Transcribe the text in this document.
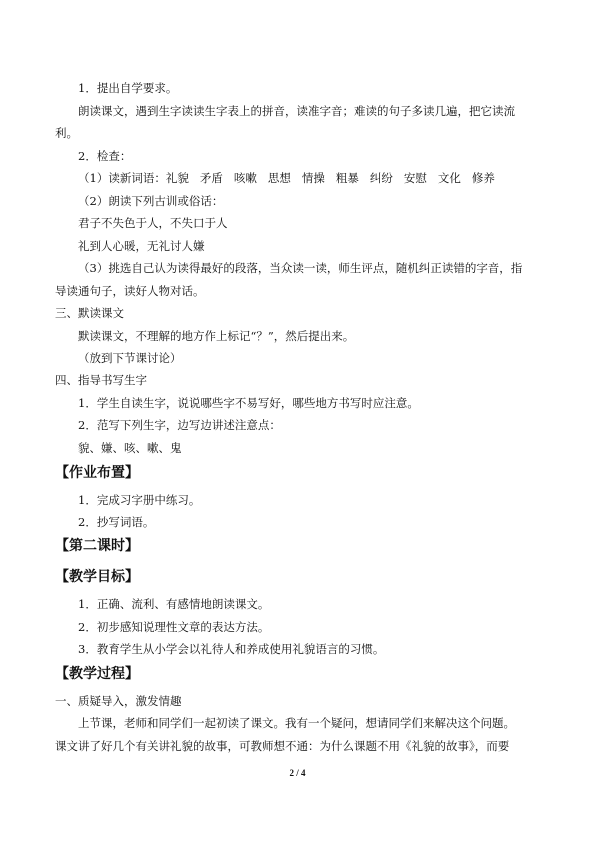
1．提出自学要求。
朗读课文，遇到生字读读生字表上的拼音，读准字音；难读的句子多读几遍，把它读流
利。
2．检查：
（1）读新词语：礼貌 矛盾 咳嗽 思想 情操 粗暴 纠纷 安慰 文化 修养
（2）朗读下列古训或俗话：
君子不失色于人，不失口于人
礼到人心暖，无礼讨人嫌
（3）挑选自己认为读得最好的段落，当众读一读，师生评点，随机纠正读错的字音，指
导读通句子，读好人物对话。
三、默读课文
默读课文，不理解的地方作上标记“？”，然后提出来。
（放到下节课讨论）
四、指导书写生字
1．学生自读生字，说说哪些字不易写好，哪些地方书写时应注意。
2．范写下列生字，边写边讲述注意点：
貌、嫌、咳、嗽、鬼
【作业布置】
1．完成习字册中练习。
2．抄写词语。
【第二课时】
【教学目标】
1．正确、流利、有感情地朗读课文。
2．初步感知说理性文章的表达方法。
3．教育学生从小学会以礼待人和养成使用礼貌语言的习惯。
【教学过程】
一、质疑导入，激发情趣
上节课，老师和同学们一起初读了课文。我有一个疑问，想请同学们来解决这个问题。
课文讲了好几个有关讲礼貌的故事，可教师想不通：为什么课题不用《礼貌的故事》，而要
2 / 4
